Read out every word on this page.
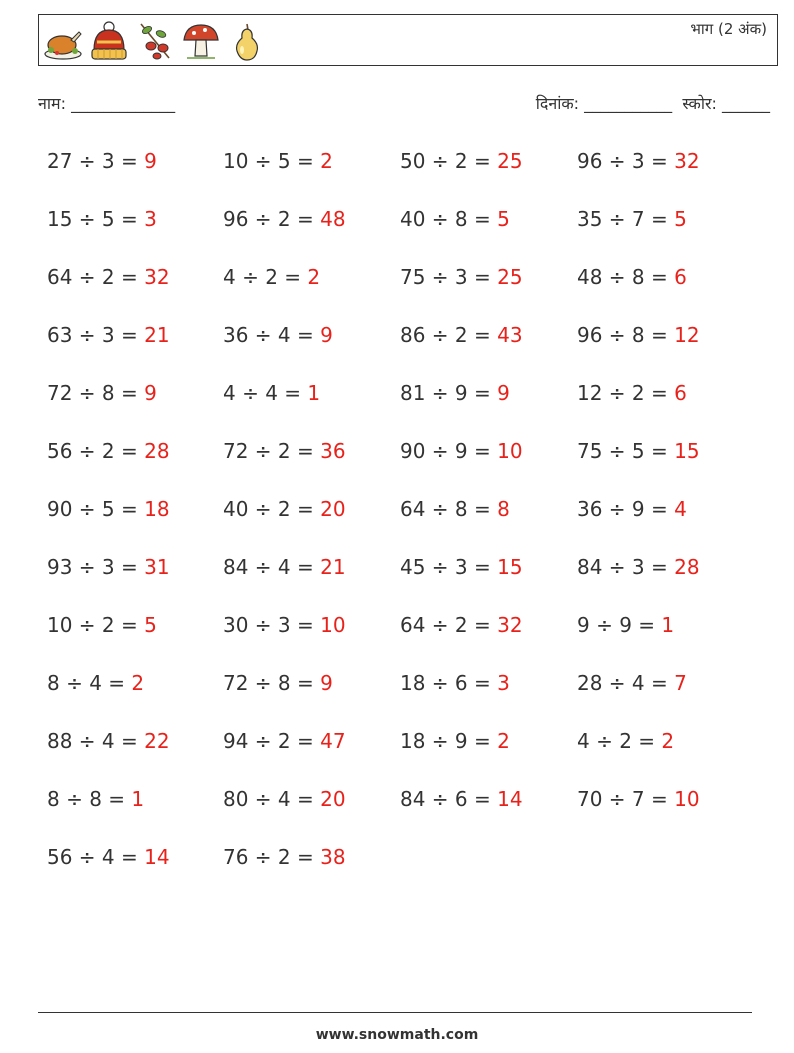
भाग (2 अंक)
नाम: _____________	दिनांक: ___________  स्कोर: ______
27 ÷ 3 = 9	10 ÷ 5 = 2	50 ÷ 2 = 25	96 ÷ 3 = 32
15 ÷ 5 = 3	96 ÷ 2 = 48	40 ÷ 8 = 5	35 ÷ 7 = 5
64 ÷ 2 = 32	4 ÷ 2 = 2	75 ÷ 3 = 25	48 ÷ 8 = 6
63 ÷ 3 = 21	36 ÷ 4 = 9	86 ÷ 2 = 43	96 ÷ 8 = 12
72 ÷ 8 = 9	4 ÷ 4 = 1	81 ÷ 9 = 9	12 ÷ 2 = 6
56 ÷ 2 = 28	72 ÷ 2 = 36	90 ÷ 9 = 10	75 ÷ 5 = 15
90 ÷ 5 = 18	40 ÷ 2 = 20	64 ÷ 8 = 8	36 ÷ 9 = 4
93 ÷ 3 = 31	84 ÷ 4 = 21	45 ÷ 3 = 15	84 ÷ 3 = 28
10 ÷ 2 = 5	30 ÷ 3 = 10	64 ÷ 2 = 32	9 ÷ 9 = 1
8 ÷ 4 = 2	72 ÷ 8 = 9	18 ÷ 6 = 3	28 ÷ 4 = 7
88 ÷ 4 = 22	94 ÷ 2 = 47	18 ÷ 9 = 2	4 ÷ 2 = 2
8 ÷ 8 = 1	80 ÷ 4 = 20	84 ÷ 6 = 14	70 ÷ 7 = 10
56 ÷ 4 = 14	76 ÷ 2 = 38
www.snowmath.com
